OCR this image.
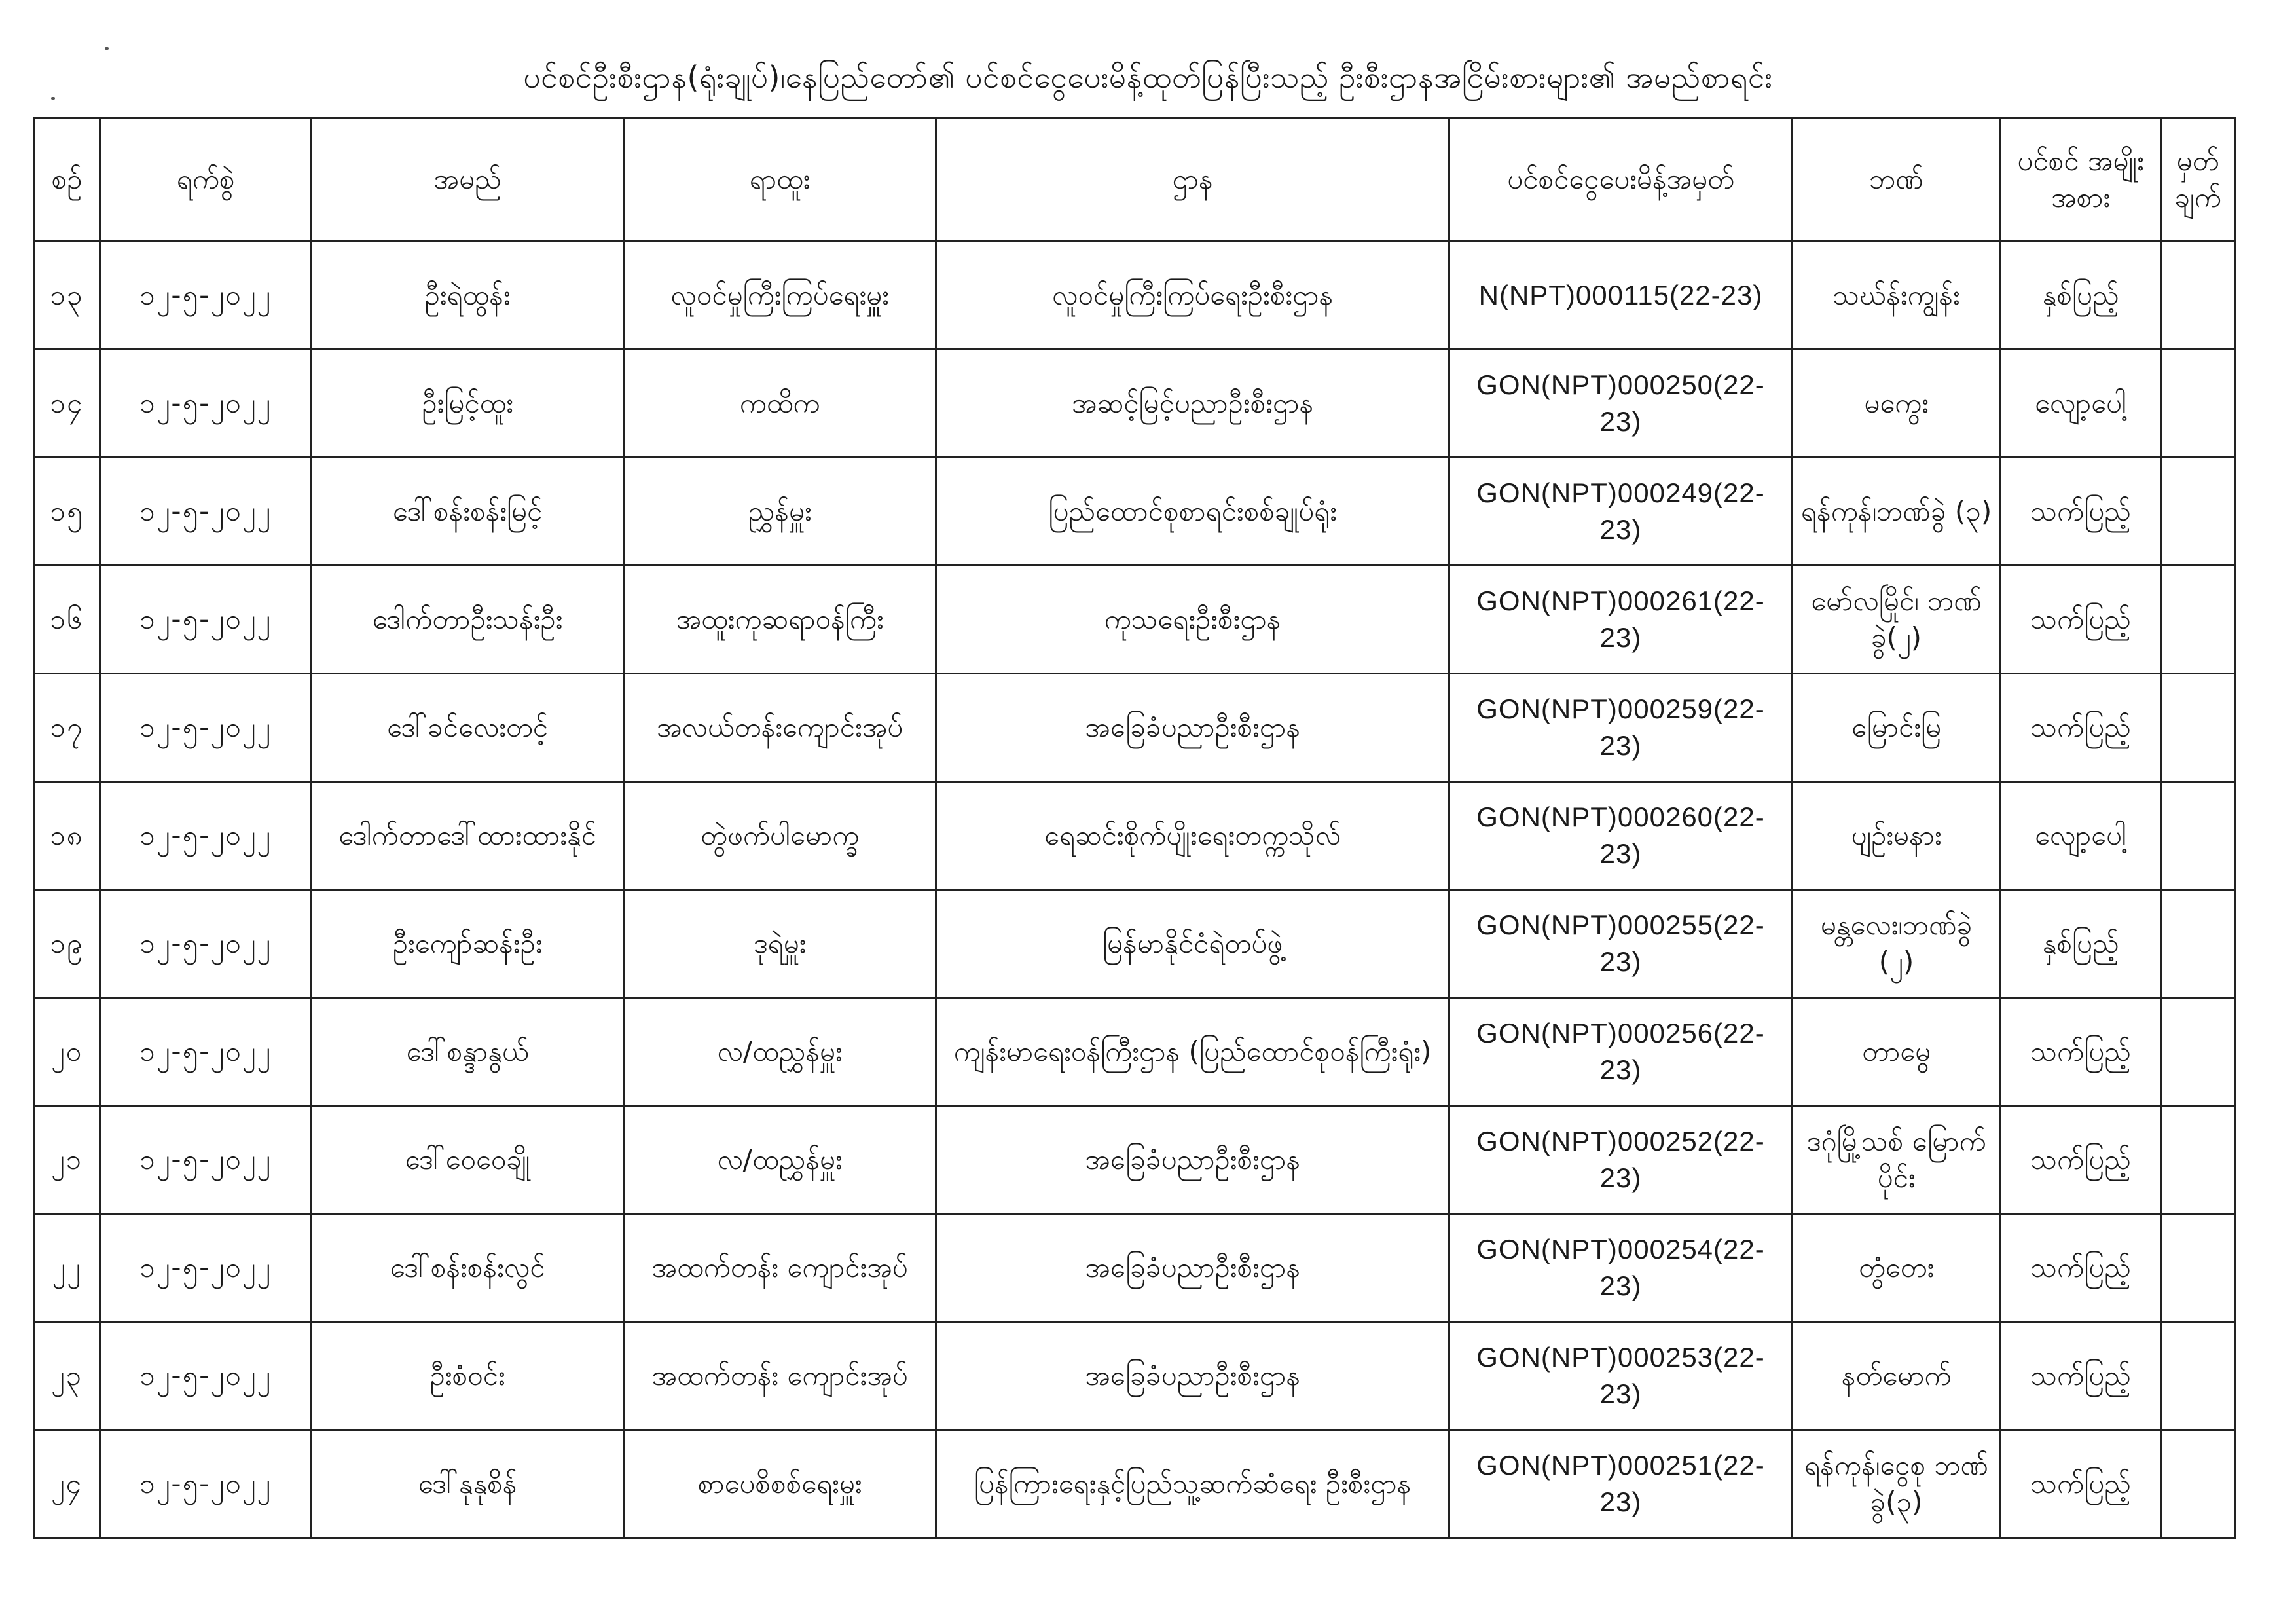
ပင်စင်ဦးစီးဌာန(ရုံးချုပ်)၊နေပြည်တော်၏ ပင်စင်ငွေပေးမိန့်ထုတ်ပြန်ပြီးသည့် ဦးစီးဌာနအငြိမ်းစားများ၏ အမည်စာရင်း
စဉ်	ရက်စွဲ	အမည်	ရာထူး	ဌာန	ပင်စင်ငွေပေးမိန့်အမှတ်	ဘဏ်	ပင်စင် အမျိုးအစား	မှတ် ချက်
၁၃	၁၂-၅-၂၀၂၂	ဦးရဲထွန်း	လူဝင်မှုကြီးကြပ်ရေးမှူး	လူဝင်မှုကြီးကြပ်ရေးဦးစီးဌာန	N(NPT)000115(22-23)	သဃ်န်းကျွန်း	နှစ်ပြည့်	
၁၄	၁၂-၅-၂၀၂၂	ဦးမြင့်ထူး	ကထိက	အဆင့်မြင့်ပညာဦးစီးဌာန	GON(NPT)000250(22-23)	မကွေး	လျော့ပေါ့	
၁၅	၁၂-၅-၂၀၂၂	ဒေါ်စန်းစန်းမြင့်	ညွှန်မှူး	ပြည်ထောင်စုစာရင်းစစ်ချုပ်ရုံး	GON(NPT)000249(22-23)	ရန်ကုန်၊ဘဏ်ခွဲ (၃)	သက်ပြည့်	
၁၆	၁၂-၅-၂၀၂၂	ဒေါက်တာဦးသန်းဦး	အထူးကုဆရာဝန်ကြီး	ကုသရေးဦးစီးဌာန	GON(NPT)000261(22-23)	မော်လမြိုင်၊ ဘဏ်ခွဲ(၂)	သက်ပြည့်	
၁၇	၁၂-၅-၂၀၂၂	ဒေါ်ခင်လေးတင့်	အလယ်တန်းကျောင်းအုပ်	အခြေခံပညာဦးစီးဌာန	GON(NPT)000259(22-23)	မြောင်းမြ	သက်ပြည့်	
၁၈	၁၂-၅-၂၀၂၂	ဒေါက်တာဒေါ်ထားထားနိုင်	တွဲဖက်ပါမောက္ခ	ရေဆင်းစိုက်ပျိုးရေးတက္ကသိုလ်	GON(NPT)000260(22-23)	ပျဉ်းမနား	လျော့ပေါ့	
၁၉	၁၂-၅-၂၀၂၂	ဦးကျော်ဆန်းဦး	ဒုရဲမှူး	မြန်မာနိုင်ငံရဲတပ်ဖွဲ့	GON(NPT)000255(22-23)	မန္တလေး၊ဘဏ်ခွဲ (၂)	နှစ်ပြည့်	
၂၀	၁၂-၅-၂၀၂၂	ဒေါ်စန္ဒာနွယ်	လ/ထညွှန်မှူး	ကျန်းမာရေးဝန်ကြီးဌာန (ပြည်ထောင်စုဝန်ကြီးရုံး)	GON(NPT)000256(22-23)	တာမွေ	သက်ပြည့်	
၂၁	၁၂-၅-၂၀၂၂	ဒေါ်ဝေဝေချို	လ/ထညွှန်မှူး	အခြေခံပညာဦးစီးဌာန	GON(NPT)000252(22-23)	ဒဂုံမြို့သစ် မြောက်ပိုင်း	သက်ပြည့်	
၂၂	၁၂-၅-၂၀၂၂	ဒေါ်စန်းစန်းလွင်	အထက်တန်း ကျောင်းအုပ်	အခြေခံပညာဦးစီးဌာန	GON(NPT)000254(22-23)	တွံတေး	သက်ပြည့်	
၂၃	၁၂-၅-၂၀၂၂	ဦးစံဝင်း	အထက်တန်း ကျောင်းအုပ်	အခြေခံပညာဦးစီးဌာန	GON(NPT)000253(22-23)	နတ်မောက်	သက်ပြည့်	
၂၄	၁၂-၅-၂၀၂၂	ဒေါ်နုနုစိန်	စာပေစိစစ်ရေးမှူး	ပြန်ကြားရေးနှင့်ပြည်သူ့ဆက်ဆံရေး ဦးစီးဌာန	GON(NPT)000251(22-23)	ရန်ကုန်၊ငွေစု ဘဏ်ခွဲ(၃)	သက်ပြည့်	
